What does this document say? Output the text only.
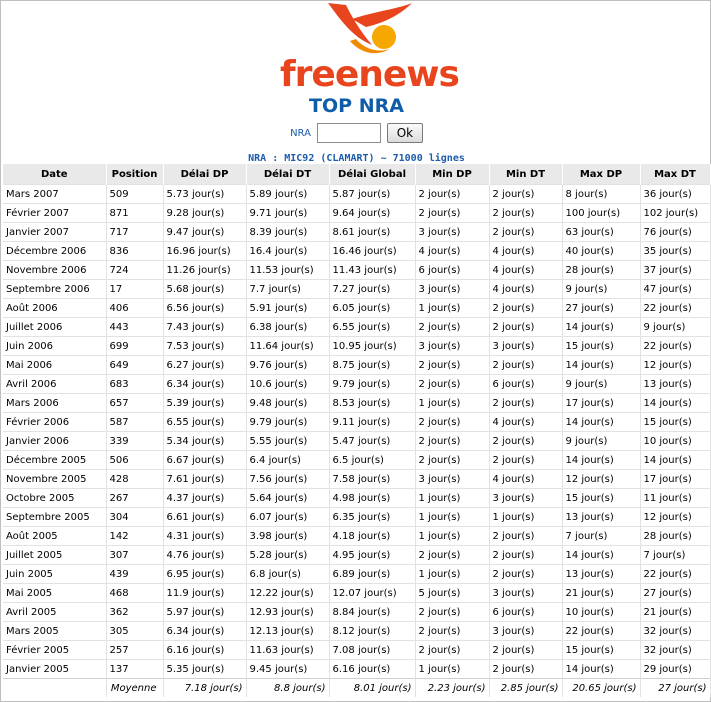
freenews
TOP NRA
NRA	Ok
NRA : MIC92 (CLAMART) ~ 71000 lignes
Date	Position	Délai DP	Délai DT	Délai Global	Min DP	Min DT	Max DP	Max DT
Mars 2007	509	5.73 jour(s)	5.89 jour(s)	5.87 jour(s)	2 jour(s)	2 jour(s)	8 jour(s)	36 jour(s)
Février 2007	871	9.28 jour(s)	9.71 jour(s)	9.64 jour(s)	2 jour(s)	2 jour(s)	100 jour(s)	102 jour(s)
Janvier 2007	717	9.47 jour(s)	8.39 jour(s)	8.61 jour(s)	3 jour(s)	2 jour(s)	63 jour(s)	76 jour(s)
Décembre 2006	836	16.96 jour(s)	16.4 jour(s)	16.46 jour(s)	4 jour(s)	4 jour(s)	40 jour(s)	35 jour(s)
Novembre 2006	724	11.26 jour(s)	11.53 jour(s)	11.43 jour(s)	6 jour(s)	4 jour(s)	28 jour(s)	37 jour(s)
Septembre 2006	17	5.68 jour(s)	7.7 jour(s)	7.27 jour(s)	3 jour(s)	4 jour(s)	9 jour(s)	47 jour(s)
Août 2006	406	6.56 jour(s)	5.91 jour(s)	6.05 jour(s)	1 jour(s)	2 jour(s)	27 jour(s)	22 jour(s)
Juillet 2006	443	7.43 jour(s)	6.38 jour(s)	6.55 jour(s)	2 jour(s)	2 jour(s)	14 jour(s)	9 jour(s)
Juin 2006	699	7.53 jour(s)	11.64 jour(s)	10.95 jour(s)	3 jour(s)	3 jour(s)	15 jour(s)	22 jour(s)
Mai 2006	649	6.27 jour(s)	9.76 jour(s)	8.75 jour(s)	2 jour(s)	2 jour(s)	14 jour(s)	12 jour(s)
Avril 2006	683	6.34 jour(s)	10.6 jour(s)	9.79 jour(s)	2 jour(s)	6 jour(s)	9 jour(s)	13 jour(s)
Mars 2006	657	5.39 jour(s)	9.48 jour(s)	8.53 jour(s)	1 jour(s)	2 jour(s)	17 jour(s)	14 jour(s)
Février 2006	587	6.55 jour(s)	9.79 jour(s)	9.11 jour(s)	2 jour(s)	4 jour(s)	14 jour(s)	15 jour(s)
Janvier 2006	339	5.34 jour(s)	5.55 jour(s)	5.47 jour(s)	2 jour(s)	2 jour(s)	9 jour(s)	10 jour(s)
Décembre 2005	506	6.67 jour(s)	6.4 jour(s)	6.5 jour(s)	2 jour(s)	2 jour(s)	14 jour(s)	14 jour(s)
Novembre 2005	428	7.61 jour(s)	7.56 jour(s)	7.58 jour(s)	3 jour(s)	4 jour(s)	12 jour(s)	17 jour(s)
Octobre 2005	267	4.37 jour(s)	5.64 jour(s)	4.98 jour(s)	1 jour(s)	3 jour(s)	15 jour(s)	11 jour(s)
Septembre 2005	304	6.61 jour(s)	6.07 jour(s)	6.35 jour(s)	1 jour(s)	1 jour(s)	13 jour(s)	12 jour(s)
Août 2005	142	4.31 jour(s)	3.98 jour(s)	4.18 jour(s)	1 jour(s)	2 jour(s)	7 jour(s)	28 jour(s)
Juillet 2005	307	4.76 jour(s)	5.28 jour(s)	4.95 jour(s)	2 jour(s)	2 jour(s)	14 jour(s)	7 jour(s)
Juin 2005	439	6.95 jour(s)	6.8 jour(s)	6.89 jour(s)	1 jour(s)	2 jour(s)	13 jour(s)	22 jour(s)
Mai 2005	468	11.9 jour(s)	12.22 jour(s)	12.07 jour(s)	5 jour(s)	3 jour(s)	21 jour(s)	27 jour(s)
Avril 2005	362	5.97 jour(s)	12.93 jour(s)	8.84 jour(s)	2 jour(s)	6 jour(s)	10 jour(s)	21 jour(s)
Mars 2005	305	6.34 jour(s)	12.13 jour(s)	8.12 jour(s)	2 jour(s)	3 jour(s)	22 jour(s)	32 jour(s)
Février 2005	257	6.16 jour(s)	11.63 jour(s)	7.08 jour(s)	2 jour(s)	2 jour(s)	15 jour(s)	32 jour(s)
Janvier 2005	137	5.35 jour(s)	9.45 jour(s)	6.16 jour(s)	1 jour(s)	2 jour(s)	14 jour(s)	29 jour(s)
	Moyenne	7.18 jour(s)	8.8 jour(s)	8.01 jour(s)	2.23 jour(s)	2.85 jour(s)	20.65 jour(s)	27 jour(s)
